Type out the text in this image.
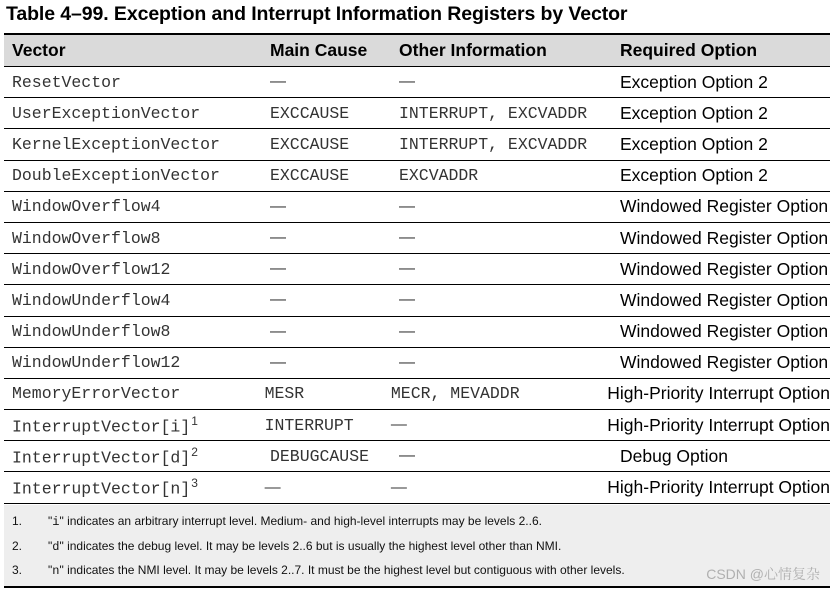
Table 4–99. Exception and Interrupt Information Registers by Vector
Vector	Main Cause	Other Information	Required Option
ResetVector	—	—	Exception Option 2
UserExceptionVector	EXCCAUSE	INTERRUPT, EXCVADDR	Exception Option 2
KernelExceptionVector	EXCCAUSE	INTERRUPT, EXCVADDR	Exception Option 2
DoubleExceptionVector	EXCCAUSE	EXCVADDR	Exception Option 2
WindowOverflow4	—	—	Windowed Register Option
WindowOverflow8	—	—	Windowed Register Option
WindowOverflow12	—	—	Windowed Register Option
WindowUnderflow4	—	—	Windowed Register Option
WindowUnderflow8	—	—	Windowed Register Option
WindowUnderflow12	—	—	Windowed Register Option
MemoryErrorVector	MESR	MECR, MEVADDR	High-Priority Interrupt Option
$InterruptVector[i]^1$	INTERRUPT	—	High-Priority Interrupt Option
$InterruptVector[d]^2$	DEBUGCAUSE	—	Debug Option
$InterruptVector[n]^3$	—	—	High-Priority Interrupt Option
1. "i" indicates an arbitrary interrupt level. Medium- and high-level interrupts may be levels 2..6.
2. "d" indicates the debug level. It may be levels 2..6 but is usually the highest level other than NMI.
3. "n" indicates the NMI level. It may be levels 2..7. It must be the highest level but contiguous with other levels.	CSDN @心情复杂
